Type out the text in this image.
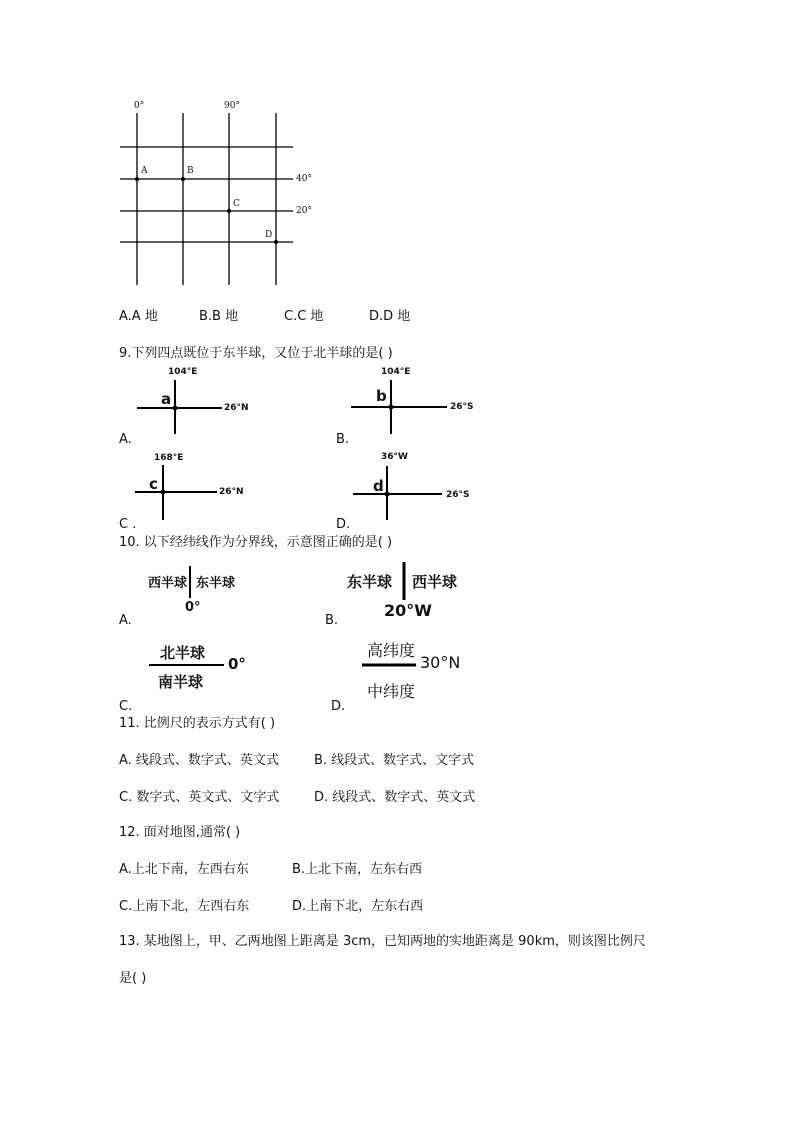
0°	90°
40°
20°
A	B
C
D
A.A 地	B.B 地	C.C 地	D.D 地
9.下列四点既位于东半球，又位于北半球的是( )
104°E
a	26°N
A.
104°E
b
26°S
B.
168°E
c	26°N
C .
36°W
d	26°S
D.
10. 以下经纬线作为分界线，示意图正确的是( )
西半球 东半球
0°
A.
东半球 西半球
20°W
B.
北半球
南半球
0°
C.
高纬度
中纬度
30°N
D.
11. 比例尺的表示方式有( )
A. 线段式、数字式、英文式	B. 线段式、数字式、文字式
C. 数字式、英文式、文字式	D. 线段式、数字式、英文式
12. 面对地图,通常( )
A.上北下南，左西右东	B.上北下南，左东右西
C.上南下北，左西右东	D.上南下北，左东右西
13. 某地图上，甲、乙两地图上距离是 3cm，已知两地的实地距离是 90km，则该图比例尺
是( )
